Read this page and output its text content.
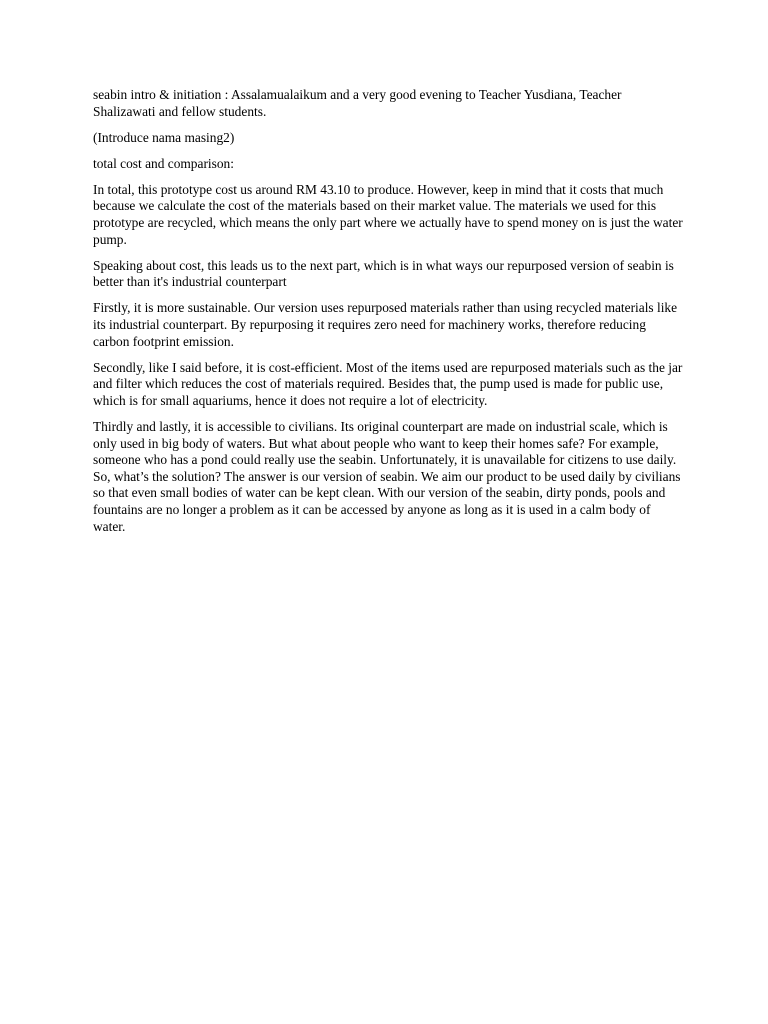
seabin intro & initiation : Assalamualaikum and a very good evening to Teacher Yusdiana, Teacher Shalizawati and fellow students.

(Introduce nama masing2)

total cost and comparison:

In total, this prototype cost us around RM 43.10 to produce. However, keep in mind that it costs that much because we calculate the cost of the materials based on their market value. The materials we used for this prototype are recycled, which means the only part where we actually have to spend money on is just the water pump.

Speaking about cost, this leads us to the next part, which is in what ways our repurposed version of seabin is better than it's industrial counterpart

Firstly, it is more sustainable. Our version uses repurposed materials rather than using recycled materials like its industrial counterpart. By repurposing it requires zero need for machinery works, therefore reducing carbon footprint emission.

Secondly, like I said before, it is cost-efficient. Most of the items used are repurposed materials such as the jar and filter which reduces the cost of materials required. Besides that, the pump used is made for public use, which is for small aquariums, hence it does not require a lot of electricity.

Thirdly and lastly, it is accessible to civilians. Its original counterpart are made on industrial scale, which is only used in big body of waters. But what about people who want to keep their homes safe? For example, someone who has a pond could really use the seabin. Unfortunately, it is unavailable for citizens to use daily. So, what’s the solution? The answer is our version of seabin. We aim our product to be used daily by civilians so that even small bodies of water can be kept clean. With our version of the seabin, dirty ponds, pools and fountains are no longer a problem as it can be accessed by anyone as long as it is used in a calm body of water.
